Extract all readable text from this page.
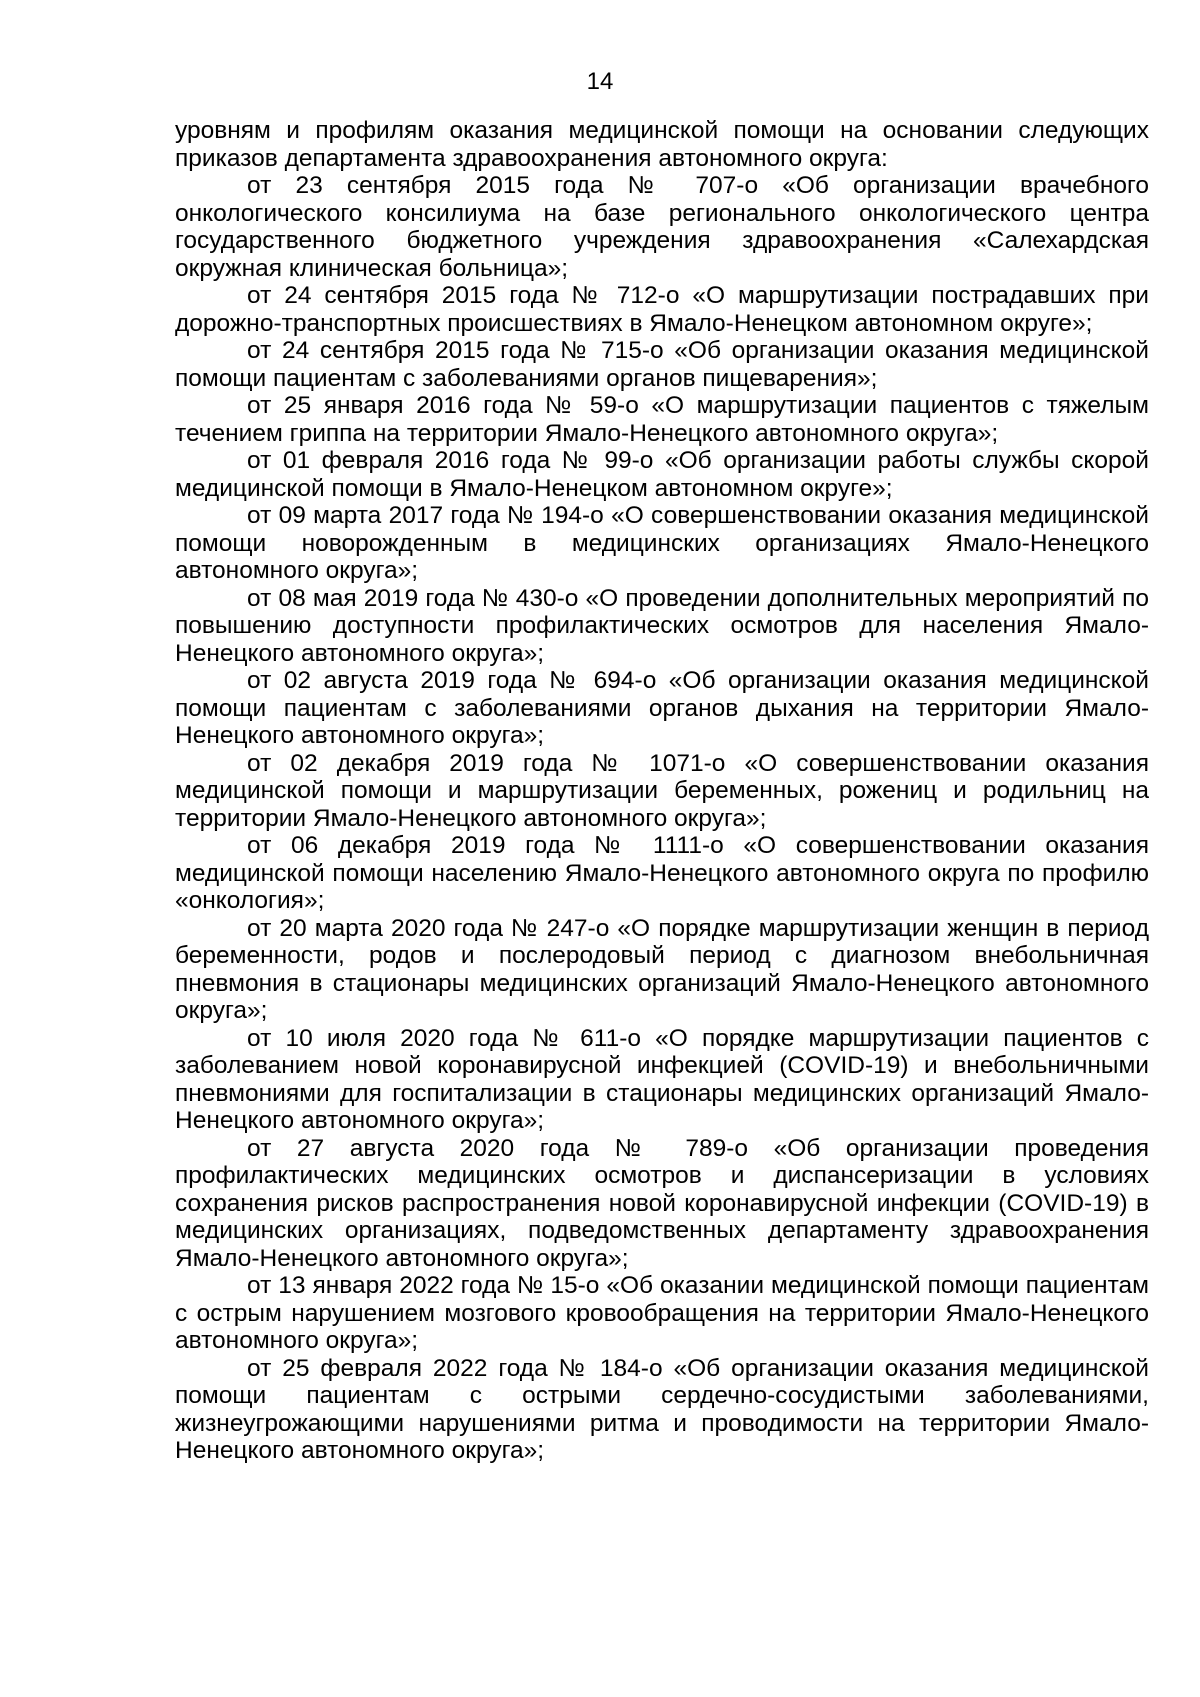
14

уровням и профилям оказания медицинской помощи на основании следующих приказов департамента здравоохранения автономного округа:

от 23 сентября 2015 года № 707-о «Об организации врачебного онкологического консилиума на базе регионального онкологического центра государственного бюджетного учреждения здравоохранения «Салехардская окружная клиническая больница»;

от 24 сентября 2015 года № 712-о «О маршрутизации пострадавших при дорожно-транспортных происшествиях в Ямало-Ненецком автономном округе»;

от 24 сентября 2015 года № 715-о «Об организации оказания медицинской помощи пациентам с заболеваниями органов пищеварения»;

от 25 января 2016 года № 59-о «О маршрутизации пациентов с тяжелым течением гриппа на территории Ямало-Ненецкого автономного округа»;

от 01 февраля 2016 года № 99-о «Об организации работы службы скорой медицинской помощи в Ямало-Ненецком автономном округе»;

от 09 марта 2017 года № 194-о «О совершенствовании оказания медицинской помощи новорожденным в медицинских организациях Ямало-Ненецкого автономного округа»;

от 08 мая 2019 года № 430-о «О проведении дополнительных мероприятий по повышению доступности профилактических осмотров для населения Ямало-Ненецкого автономного округа»;

от 02 августа 2019 года № 694-о «Об организации оказания медицинской помощи пациентам с заболеваниями органов дыхания на территории Ямало-Ненецкого автономного округа»;

от 02 декабря 2019 года № 1071-о «О совершенствовании оказания медицинской помощи и маршрутизации беременных, рожениц и родильниц на территории Ямало-Ненецкого автономного округа»;

от 06 декабря 2019 года № 1111-о «О совершенствовании оказания медицинской помощи населению Ямало-Ненецкого автономного округа по профилю «онкология»;

от 20 марта 2020 года № 247-о «О порядке маршрутизации женщин в период беременности, родов и послеродовый период с диагнозом внебольничная пневмония в стационары медицинских организаций Ямало-Ненецкого автономного округа»;

от 10 июля 2020 года № 611-о «О порядке маршрутизации пациентов с заболеванием новой коронавирусной инфекцией (COVID-19) и внебольничными пневмониями для госпитализации в стационары медицинских организаций Ямало-Ненецкого автономного округа»;

от 27 августа 2020 года № 789-о «Об организации проведения профилактических медицинских осмотров и диспансеризации в условиях сохранения рисков распространения новой коронавирусной инфекции (COVID-19) в медицинских организациях, подведомственных департаменту здравоохранения Ямало-Ненецкого автономного округа»;

от 13 января 2022 года № 15-о «Об оказании медицинской помощи пациентам с острым нарушением мозгового кровообращения на территории Ямало-Ненецкого автономного округа»;

от 25 февраля 2022 года № 184-о «Об организации оказания медицинской помощи пациентам с острыми сердечно-сосудистыми заболеваниями, жизнеугрожающими нарушениями ритма и проводимости на территории Ямало-Ненецкого автономного округа»;
